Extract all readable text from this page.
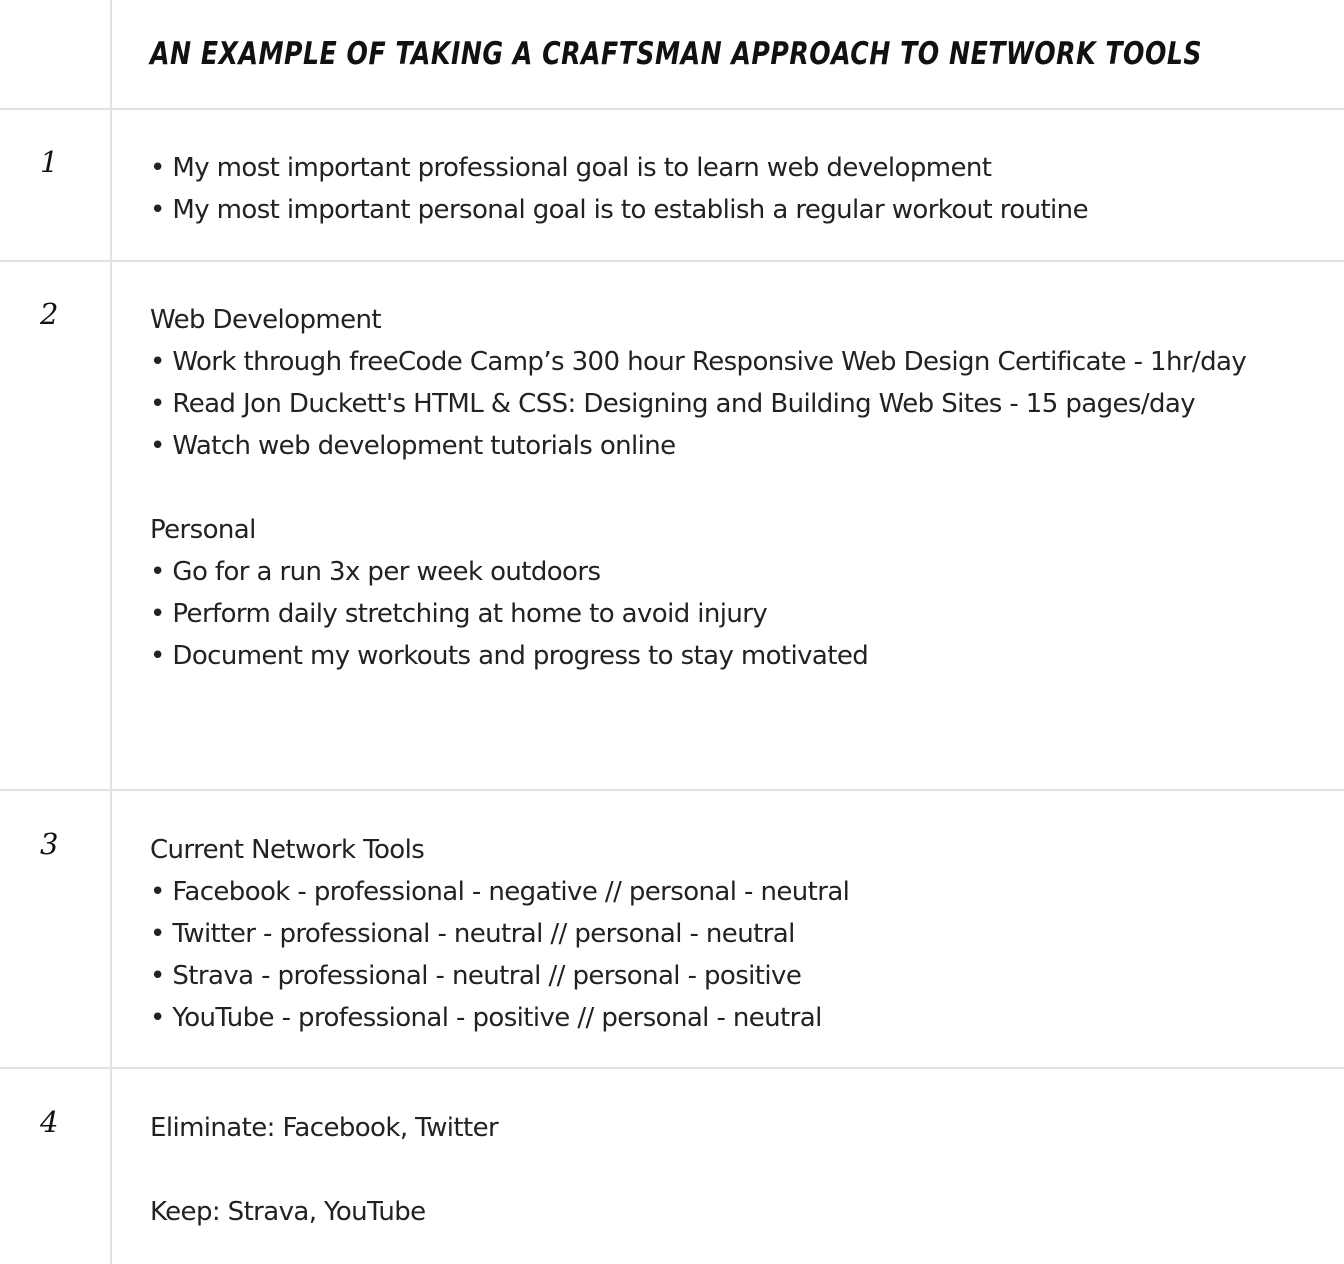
AN EXAMPLE OF TAKING A CRAFTSMAN APPROACH TO NETWORK TOOLS
1	• My most important professional goal is to learn web development
• My most important personal goal is to establish a regular workout routine
2	Web Development
• Work through freeCode Camp’s 300 hour Responsive Web Design Certificate - 1hr/day
• Read Jon Duckett's HTML & CSS: Designing and Building Web Sites - 15 pages/day
• Watch web development tutorials online
Personal
• Go for a run 3x per week outdoors
• Perform daily stretching at home to avoid injury
• Document my workouts and progress to stay motivated
3	Current Network Tools
• Facebook - professional - negative // personal - neutral
• Twitter - professional - neutral // personal - neutral
• Strava - professional - neutral // personal - positive
• YouTube - professional - positive // personal - neutral
4	Eliminate: Facebook, Twitter
Keep: Strava, YouTube
